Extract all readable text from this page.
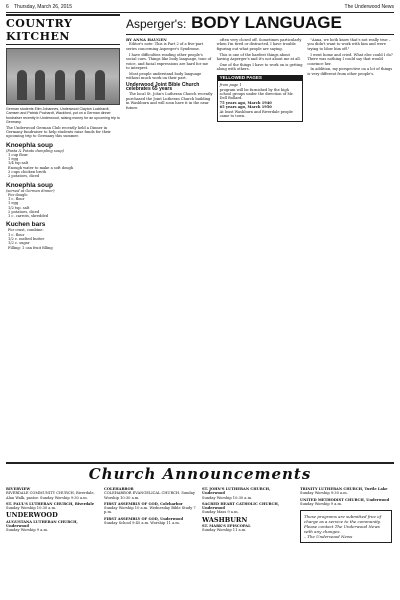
6 Thursday, March 26, 2015	The Underwood News
COUNTRY KITCHEN
German students Elim Johannes, Underwood Clayton Lockhardt, Camsen and Patrick Pochardt, Wackford, put on a German dinner fundraiser recently in Underwood, raising money for an upcoming trip to Germany.
The Underwood German Club recently held a Dinner in Germany fundraiser to help students raise funds for their upcoming trip to Germany this summer.
Knoephla soup
(Pasta & Potato dumpling soup)
1 cup flour
1 egg
1/4 tsp salt
Enough water to make a soft dough
3 cups chicken broth
2 potatoes, diced
Knoephla soup
(served at German dinner)
For dough:
1 c. flour
1 egg
1/2 tsp. salt
2 potatoes, diced
1 c. carrots, shredded
Kuchen bars
For crust, combine:
1 c. flour
1/2 c. melted butter
1/2 c. sugar
Filling: 1 can fruit filling
Asperger's: BODY LANGUAGE
BY ANNA HAUGEN

Editor's note: This is Part 2 of a five-part series concerning Asperger's Syndrome.

I have difficulties reading other people's social cues. Things like body language, tone of voice, and facial expressions are hard for me to interpret.

Most people understand body language without much work on their part.

Underwood Joint Bible Church celebrates 65 years

The local St. John's Lutheran Church recently purchased the Joint Lutheran Church building in Washburn and will soon have it in the near future.

often very closed off. Sometimes particularly when I'm tired or distracted, I have trouble figuring out what people are saying.

This is one of the hardest things about having Asperger's and it's not about me at all.

One of the things I have to work on is getting along with others.

YELLOWED PAGES
from page 1
program will be furnished by the high school groups under the direction of Mr. Dell Bollard.
75 years ago, March 1940
65 years ago, March 1950
At least Washburn and Riverdale people came to town.

"Anna, we both know that's not really true – you didn't want to work with him and were trying to blow him off."

I went home and cried. What else could I do? There was nothing I could say that would convince her.

In addition, my perspective on a lot of things is very different from other people's.

Church Announcements
RIVERVIEW
RIVERDALE COMMUNITY CHURCH, Riverdale, Alan Walk, pastor. Sunday Worship 9:30 a.m.
ST. PAUL'S LUTHERAN CHURCH, Riverdale
Sunday Worship 10:30 a.m.
UNDERWOOD
AUGUSTANA LUTHERAN CHURCH, Underwood
Sunday Worship 9 a.m.
COLEHARBOR
COLEHARBOR EVANGELICAL CHURCH. Sunday Worship 10:30 a.m.
FIRST ASSEMBLY OF GOD, Coleharbor
Sunday Worship 10 a.m. Wednesday Bible Study 7 p.m.
FIRST ASSEMBLY OF GOD, Underwood
Sunday School 9:45 a.m. Worship 11 a.m.
ST. JOHN'S LUTHERAN CHURCH, Underwood
Sunday Worship 10:30 a.m.
SACRED HEART CATHOLIC CHURCH, Underwood
Sunday Mass 9 a.m.
WASHBURN
ST. MARK'S EPISCOPAL
Sunday Worship 11 a.m.
TRINITY LUTHERAN CHURCH, Turtle Lake
Sunday Worship 9:30 a.m.
UNITED METHODIST CHURCH, Underwood
Sunday Worship 9 a.m.
These programs are submitted free of charge as a service to the community. Please contact The Underwood News with any changes.
– The Underwood News
